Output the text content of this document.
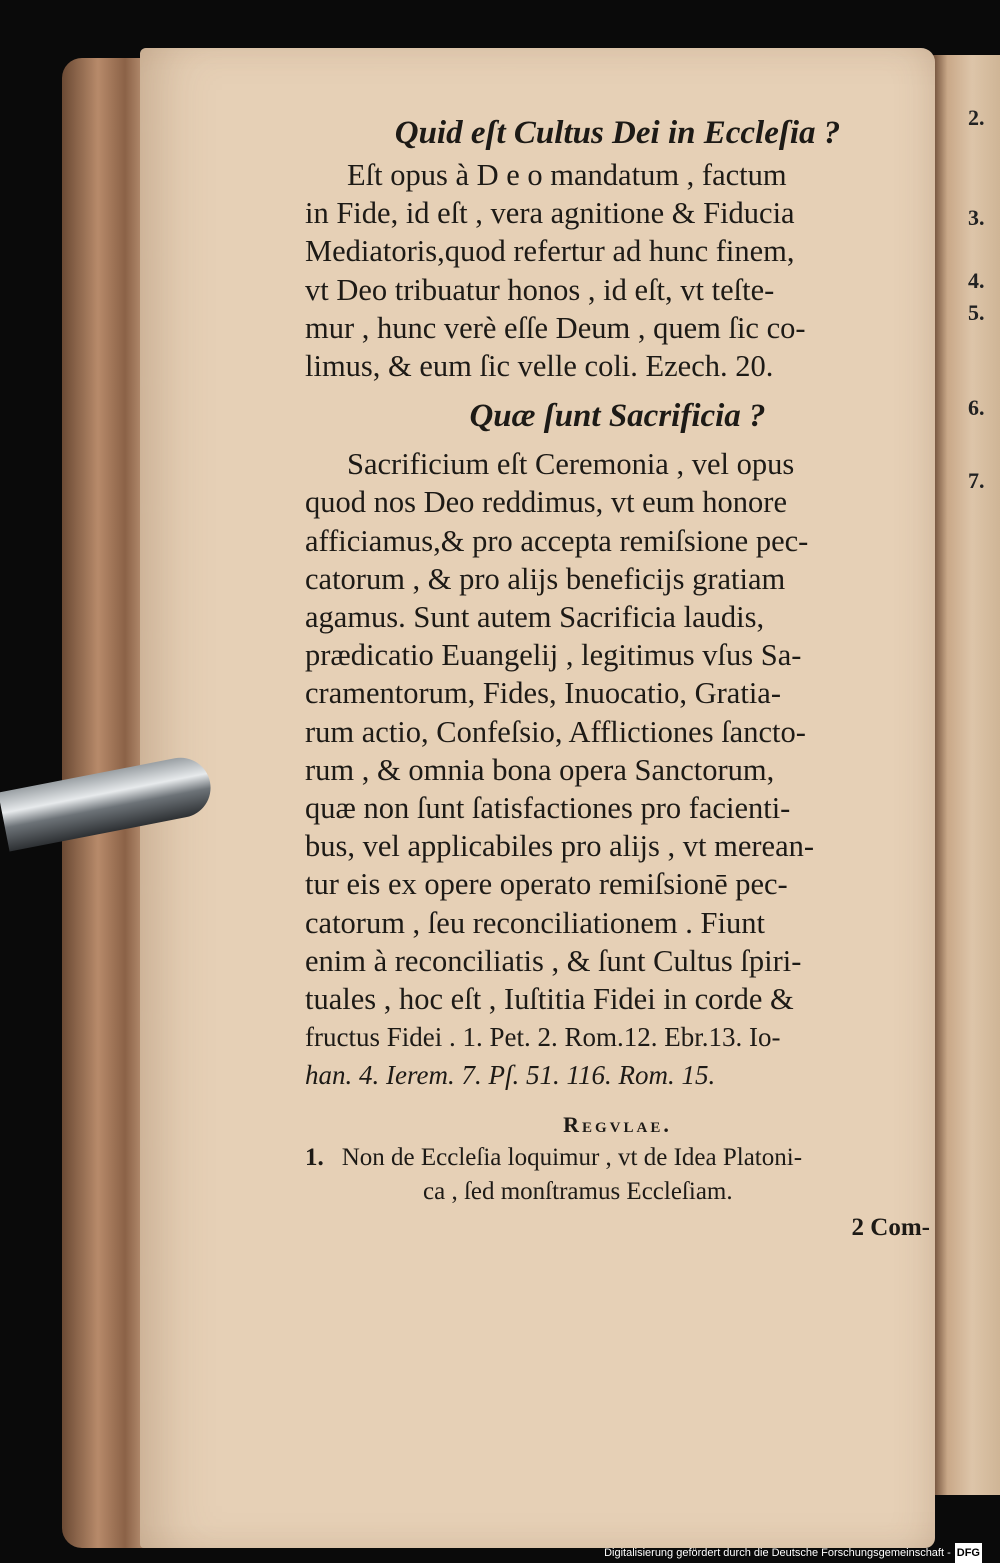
2.
3.
4.
5.
6.
7.
Quid eſt Cultus Dei in Eccleſia ?

Eſt opus à D e o mandatum , factum

in Fide, id eſt , vera agnitione & Fiducia

Mediatoris,quod refertur ad hunc finem,

vt Deo tribuatur honos , id eſt, vt teſte-

mur , hunc verè eſſe Deum , quem ſic co-

limus, & eum ſic velle coli. Ezech. 20.

Quæ ſunt Sacrificia ?

Sacrificium eſt Ceremonia , vel opus

quod nos Deo reddimus, vt eum honore

afficiamus,& pro accepta remiſsione pec-

catorum , & pro alijs beneficijs gratiam

agamus. Sunt autem Sacrificia laudis,

prædicatio Euangelij , legitimus vſus Sa-

cramentorum, Fides, Inuocatio, Gratia-

rum actio, Confeſsio, Afflictiones ſancto-

rum , & omnia bona opera Sanctorum,

quæ non ſunt ſatisfactiones pro facienti-

bus, vel applicabiles pro alijs , vt merean-

tur eis ex opere operato remiſsionē pec-

catorum , ſeu reconciliationem . Fiunt

enim à reconciliatis , & ſunt Cultus ſpiri-

tuales , hoc eſt , Iuſtitia Fidei in corde &

fructus Fidei . 1. Pet. 2. Rom.12. Ebr.13. Io-

han. 4. Ierem. 7. Pſ. 51. 116. Rom. 15.

Regvlae.

1. Non de Eccleſia loquimur , vt de Idea Platoni-

ca , ſed monſtramus Eccleſiam.

2 Com-

Digitalisierung gefördert durch die Deutsche Forschungsgemeinschaft - DFG
